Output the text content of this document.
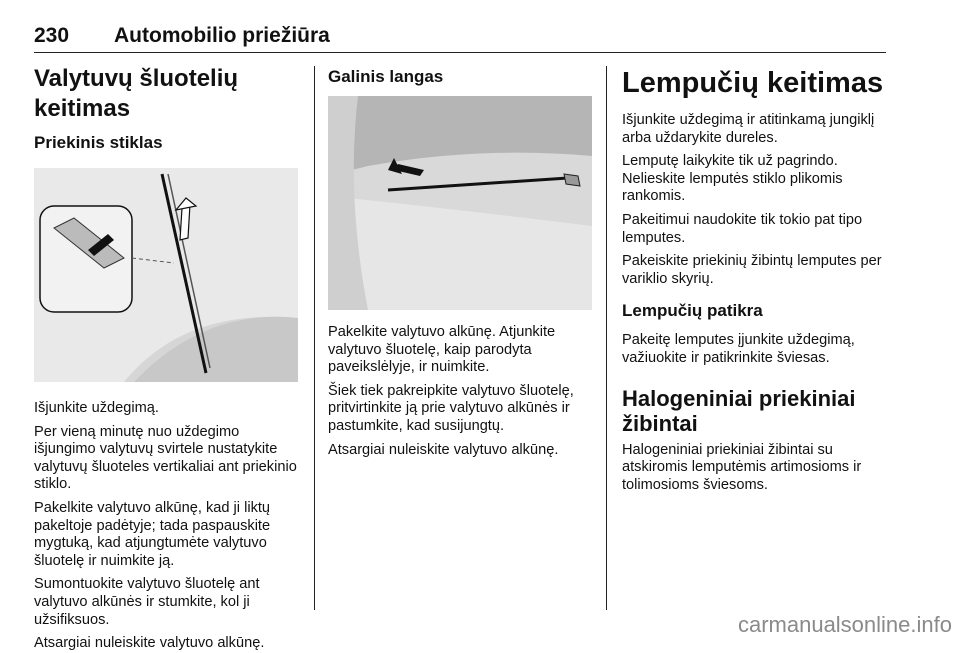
230 Automobilio priežiūra
Valytuvų šluotelių keitimas
Priekinis stiklas

Išjunkite uždegimą.

Per vieną minutę nuo uždegimo išjungimo valytuvų svirtele nustatykite valytuvų šluoteles vertikaliai ant priekinio stiklo.

Pakelkite valytuvo alkūnę, kad ji liktų pakeltoje padėtyje; tada paspauskite mygtuką, kad atjungtumėte valytuvo šluotelę ir nuimkite ją.

Sumontuokite valytuvo šluotelę ant valytuvo alkūnės ir stumkite, kol ji užsifiksuos.

Atsargiai nuleiskite valytuvo alkūnę.

Galinis langas

Pakelkite valytuvo alkūnę. Atjunkite valytuvo šluotelę, kaip parodyta paveikslėlyje, ir nuimkite.

Šiek tiek pakreipkite valytuvo šluotelę, pritvirtinkite ją prie valytuvo alkūnės ir pastumkite, kad susijungtų.

Atsargiai nuleiskite valytuvo alkūnę.

Lempučių keitimas

Išjunkite uždegimą ir atitinkamą jungiklį arba uždarykite dureles.

Lemputę laikykite tik už pagrindo. Nelieskite lemputės stiklo plikomis rankomis.

Pakeitimui naudokite tik tokio pat tipo lemputes.

Pakeiskite priekinių žibintų lemputes per variklio skyrių.

Lempučių patikra

Pakeitę lemputes įjunkite uždegimą, važiuokite ir patikrinkite šviesas.

Halogeniniai priekiniai
žibintai

Halogeniniai priekiniai žibintai su atskiromis lemputėmis artimosioms ir tolimosioms šviesoms.

carmanualsonline.info
